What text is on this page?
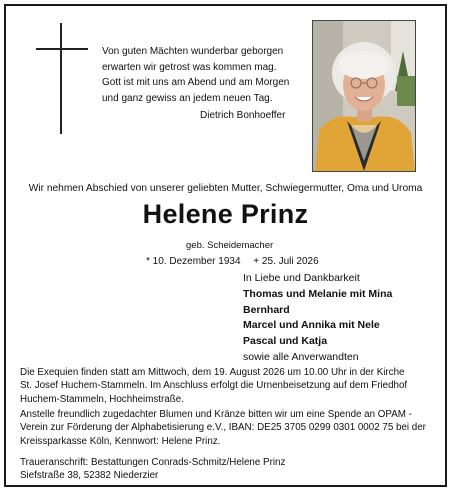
Von guten Mächten wunderbar geborgen
erwarten wir getrost was kommen mag.
Gott ist mit uns am Abend und am Morgen
und ganz gewiss an jedem neuen Tag.
Dietrich Bonhoeffer
Wir nehmen Abschied von unserer geliebten Mutter, Schwiegermutter, Oma und Uroma
Helene Prinz
geb. Scheidemacher
* 10. Dezember 1934 + 25. Juli 2026
In Liebe und Dankbarkeit
Thomas und Melanie mit Mina
Bernhard
Marcel und Annika mit Nele
Pascal und Katja
sowie alle Anverwandten
Die Exequien finden statt am Mittwoch, dem 19. August 2026 um 10.00 Uhr in der Kirche
St. Josef Huchem-Stammeln. Im Anschluss erfolgt die Urnenbeisetzung auf dem Friedhof
Huchem-Stammeln, Hochheimstraße.
Anstelle freundlich zugedachter Blumen und Kränze bitten wir um eine Spende an OPAM -
Verein zur Förderung der Alphabetisierung e.V., IBAN: DE25 3705 0299 0301 0002 75 bei der
Kreissparkasse Köln, Kennwort: Helene Prinz.
Traueranschrift: Bestattungen Conrads-Schmitz/Helene Prinz
Siefstraße 38, 52382 Niederzier
